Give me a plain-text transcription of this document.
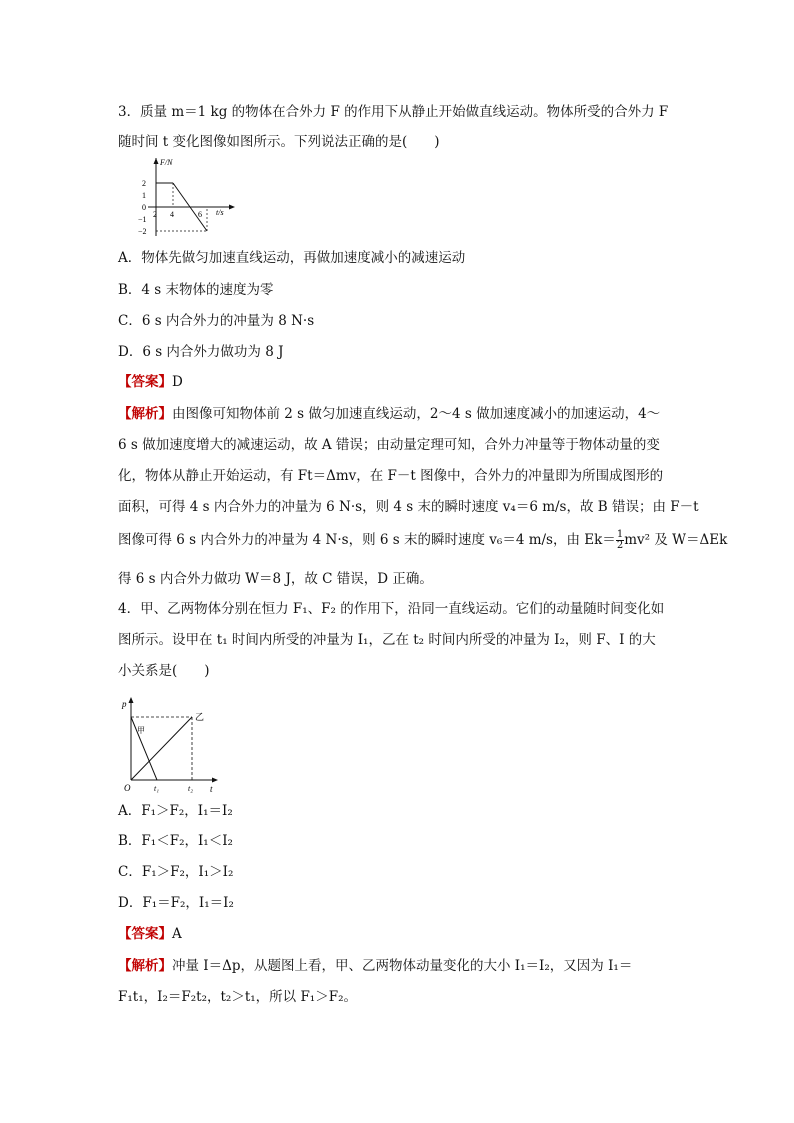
3．质量 m＝1 kg 的物体在合外力 F 的作用下从静止开始做直线运动。物体所受的合外力 F
随时间 t 变化图像如图所示。下列说法正确的是(　　)
F/N
t/s
2
1
0
−1
−2
2 4	6
A．物体先做匀加速直线运动，再做加速度减小的减速运动
B．4 s 末物体的速度为零
C．6 s 内合外力的冲量为 8 N·s
D．6 s 内合外力做功为 8 J
【答案】D
【解析】由图像可知物体前 2 s 做匀加速直线运动，2～4 s 做加速度减小的加速运动，4～
6 s 做加速度增大的减速运动，故 A 错误；由动量定理可知，合外力冲量等于物体动量的变
化，物体从静止开始运动，有 Ft＝Δmv，在 F－t 图像中，合外力的冲量即为所围成图形的
面积，可得 4 s 内合外力的冲量为 6 N·s，则 4 s 末的瞬时速度 v₄＝6 m/s，故 B 错误；由 F－t
图像可得 6 s 内合外力的冲量为 4 N·s，则 6 s 末的瞬时速度 v₆＝4 m/s，由 $Ek= \frac{1}{2} mv^2$ 及 W＝ΔEk
得 6 s 内合外力做功 W＝8 J，故 C 错误，D 正确。
4．甲、乙两物体分别在恒力 F₁、F₂ 的作用下，沿同一直线运动。它们的动量随时间变化如
图所示。设甲在 t₁ 时间内所受的冲量为 I₁，乙在 t₂ 时间内所受的冲量为 I₂，则 F、I 的大
小关系是(　　)
p
t
O	t₁	t₂
甲
乙
A．F₁＞F₂，I₁＝I₂
B．F₁＜F₂，I₁＜I₂
C．F₁＞F₂，I₁＞I₂
D．F₁＝F₂，I₁＝I₂
【答案】A
【解析】冲量 I＝Δp，从题图上看，甲、乙两物体动量变化的大小 I₁＝I₂，又因为 I₁＝
F₁t₁，I₂＝F₂t₂，t₂＞t₁，所以 F₁＞F₂。
